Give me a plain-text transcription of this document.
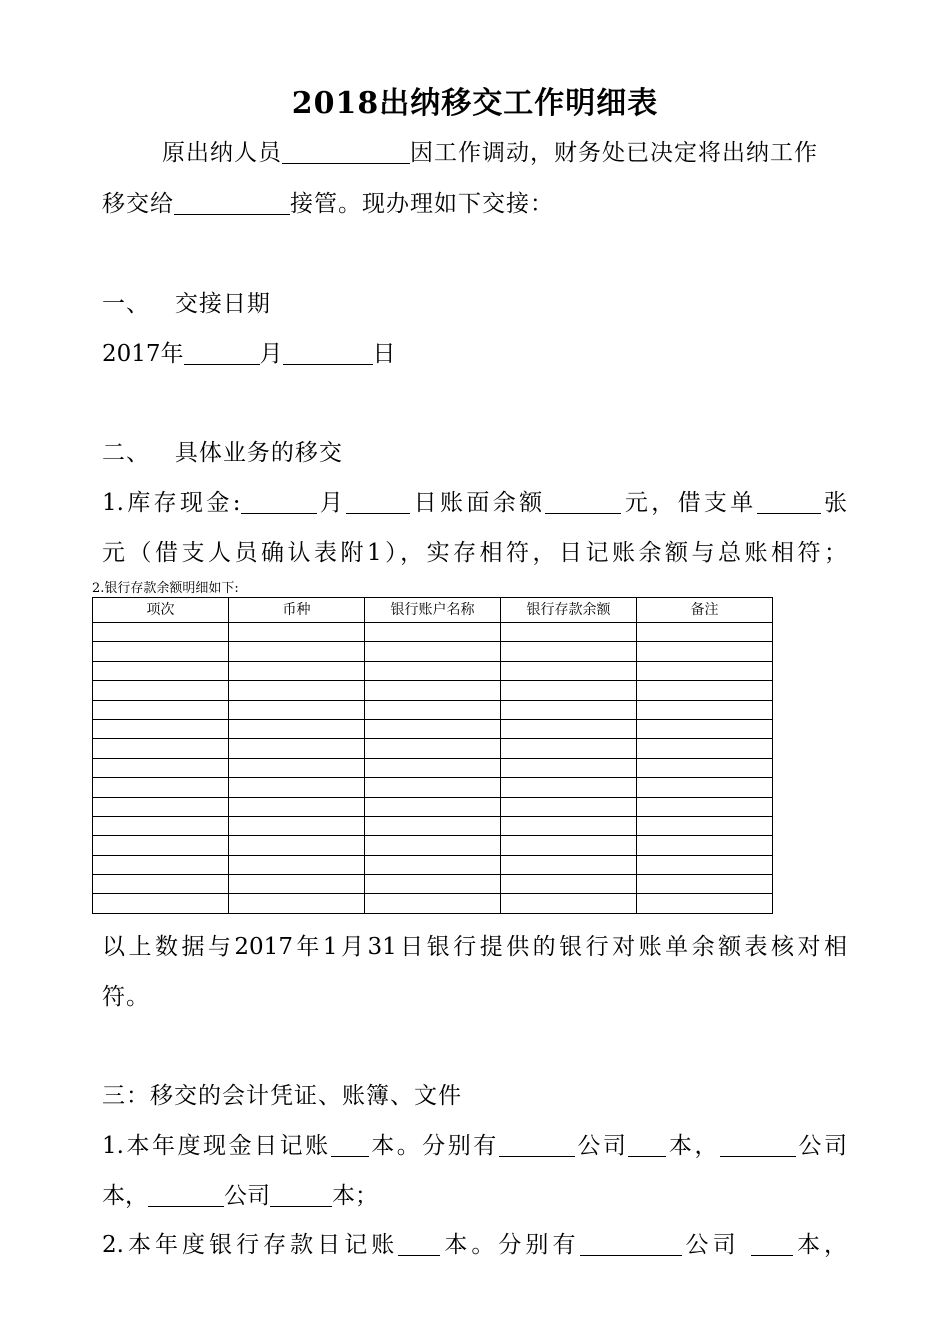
2018出纳移交工作明细表
原出纳人员	因工作调动，财务处已决定将出纳工作
移交给	接管。现办理如下交接：
一、   交接日期
2017年	月	日
二、   具体业务的移交
1.库存现金:	月	日账面余额	元，借支单	张
元（借支人员确认表附1），实存相符，日记账余额与总账相符；
2.银行存款余额明细如下:
项次	币种	银行账户名称	银行存款余额	备注

以上数据与2017年1月31日银行提供的银行对账单余额表核对相
符。
三：移交的会计凭证、账簿、文件
1.本年度现金日记账 本。分别有	公司 本，	公司
本，	公司	本；
2.本年度银行存款日记账 本。分别有	公司 本，
